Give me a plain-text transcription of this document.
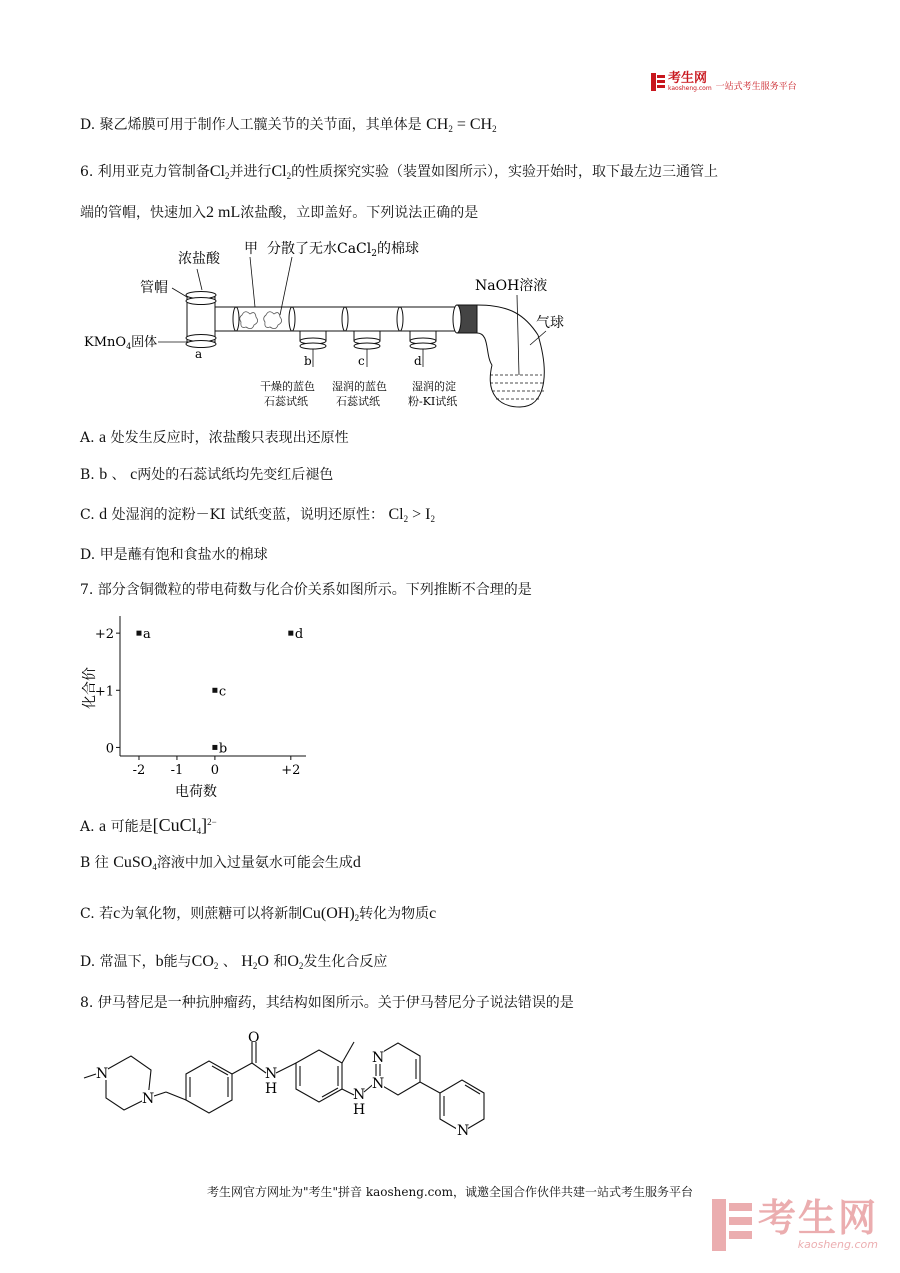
考生网
kaosheng.com 一站式考生服务平台
D. 聚乙烯膜可用于制作人工髋关节的关节面，其单体是 $CH_2 = CH_2$
6. 利用亚克力管制备$Cl_2$并进行$Cl_2$的性质探究实验（装置如图所示），实验开始时，取下最左边三通管上
端的管帽，快速加入2 mL浓盐酸，立即盖好。下列说法正确的是
浓盐酸
甲 分散了无水CaCl$_2$的棉球
管帽
KMnO$_4$固体
a	b	c	d
NaOH溶液
气球
干燥的蓝色
石蕊试纸
湿润的蓝色
石蕊试纸
湿润的淀
粉-KI试纸
A. a 处发生反应时，浓盐酸只表现出还原性
B. b 、 c两处的石蕊试纸均先变红后褪色
C. d 处湿润的淀粉－KI 试纸变蓝，说明还原性： $Cl_2 > I_2$
D. 甲是蘸有饱和食盐水的棉球
7. 部分含铜微粒的带电荷数与化合价关系如图所示。下列推断不合理的是
-2 -1 0	+2
0
+1
+2 a
b
c
d
电荷数
化合价
A. a 可能是[CuCl$_4$]$^{2-}$
B 往 CuSO$_4$溶液中加入过量氨水可能会生成d
C. 若c为氧化物，则蔗糖可以将新制$Cu(OH)_2$转化为物质c
D. 常温下，b能与$CO_2$ 、 $H_2O$ 和$O_2$发生化合反应
8. 伊马替尼是一种抗肿瘤药，其结构如图所示。关于伊马替尼分子说法错误的是
N
N
O
N
H	N
H
N
N
N
考生网官方网址为"考生"拼音 kaosheng.com，诚邀全国合作伙伴共建一站式考生服务平台
考生网
kaosheng.com
